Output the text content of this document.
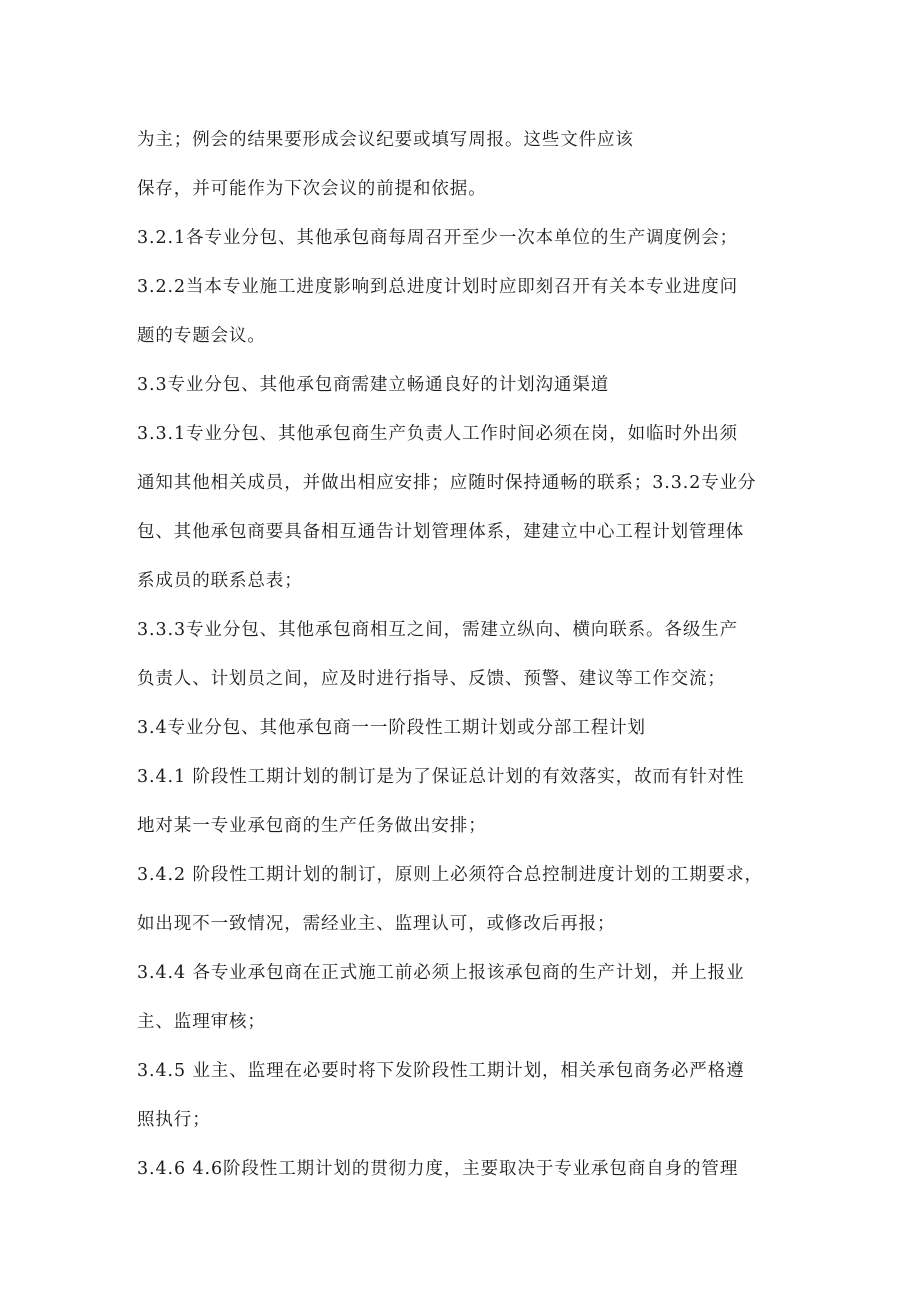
为主；例会的结果要形成会议纪要或填写周报。这些文件应该

保存，并可能作为下次会议的前提和依据。

3.2.1各专业分包、其他承包商每周召开至少一次本单位的生产调度例会；

3.2.2当本专业施工进度影响到总进度计划时应即刻召开有关本专业进度问

题的专题会议。

3.3专业分包、其他承包商需建立畅通良好的计划沟通渠道

3.3.1专业分包、其他承包商生产负责人工作时间必须在岗，如临时外出须

通知其他相关成员，并做出相应安排；应随时保持通畅的联系；3.3.2专业分

包、其他承包商要具备相互通告计划管理体系，建建立中心工程计划管理体

系成员的联系总表；

3.3.3专业分包、其他承包商相互之间，需建立纵向、横向联系。各级生产

负责人、计划员之间，应及时进行指导、反馈、预警、建议等工作交流；

3.4专业分包、其他承包商一一阶段性工期计划或分部工程计划

3.4.1 阶段性工期计划的制订是为了保证总计划的有效落实，故而有针对性

地对某一专业承包商的生产任务做出安排；

3.4.2 阶段性工期计划的制订，原则上必须符合总控制进度计划的工期要求，

如出现不一致情况，需经业主、监理认可，或修改后再报；

3.4.4 各专业承包商在正式施工前必须上报该承包商的生产计划，并上报业

主、监理审核；

3.4.5 业主、监理在必要时将下发阶段性工期计划，相关承包商务必严格遵

照执行；

3.4.6 4.6阶段性工期计划的贯彻力度，主要取决于专业承包商自身的管理
